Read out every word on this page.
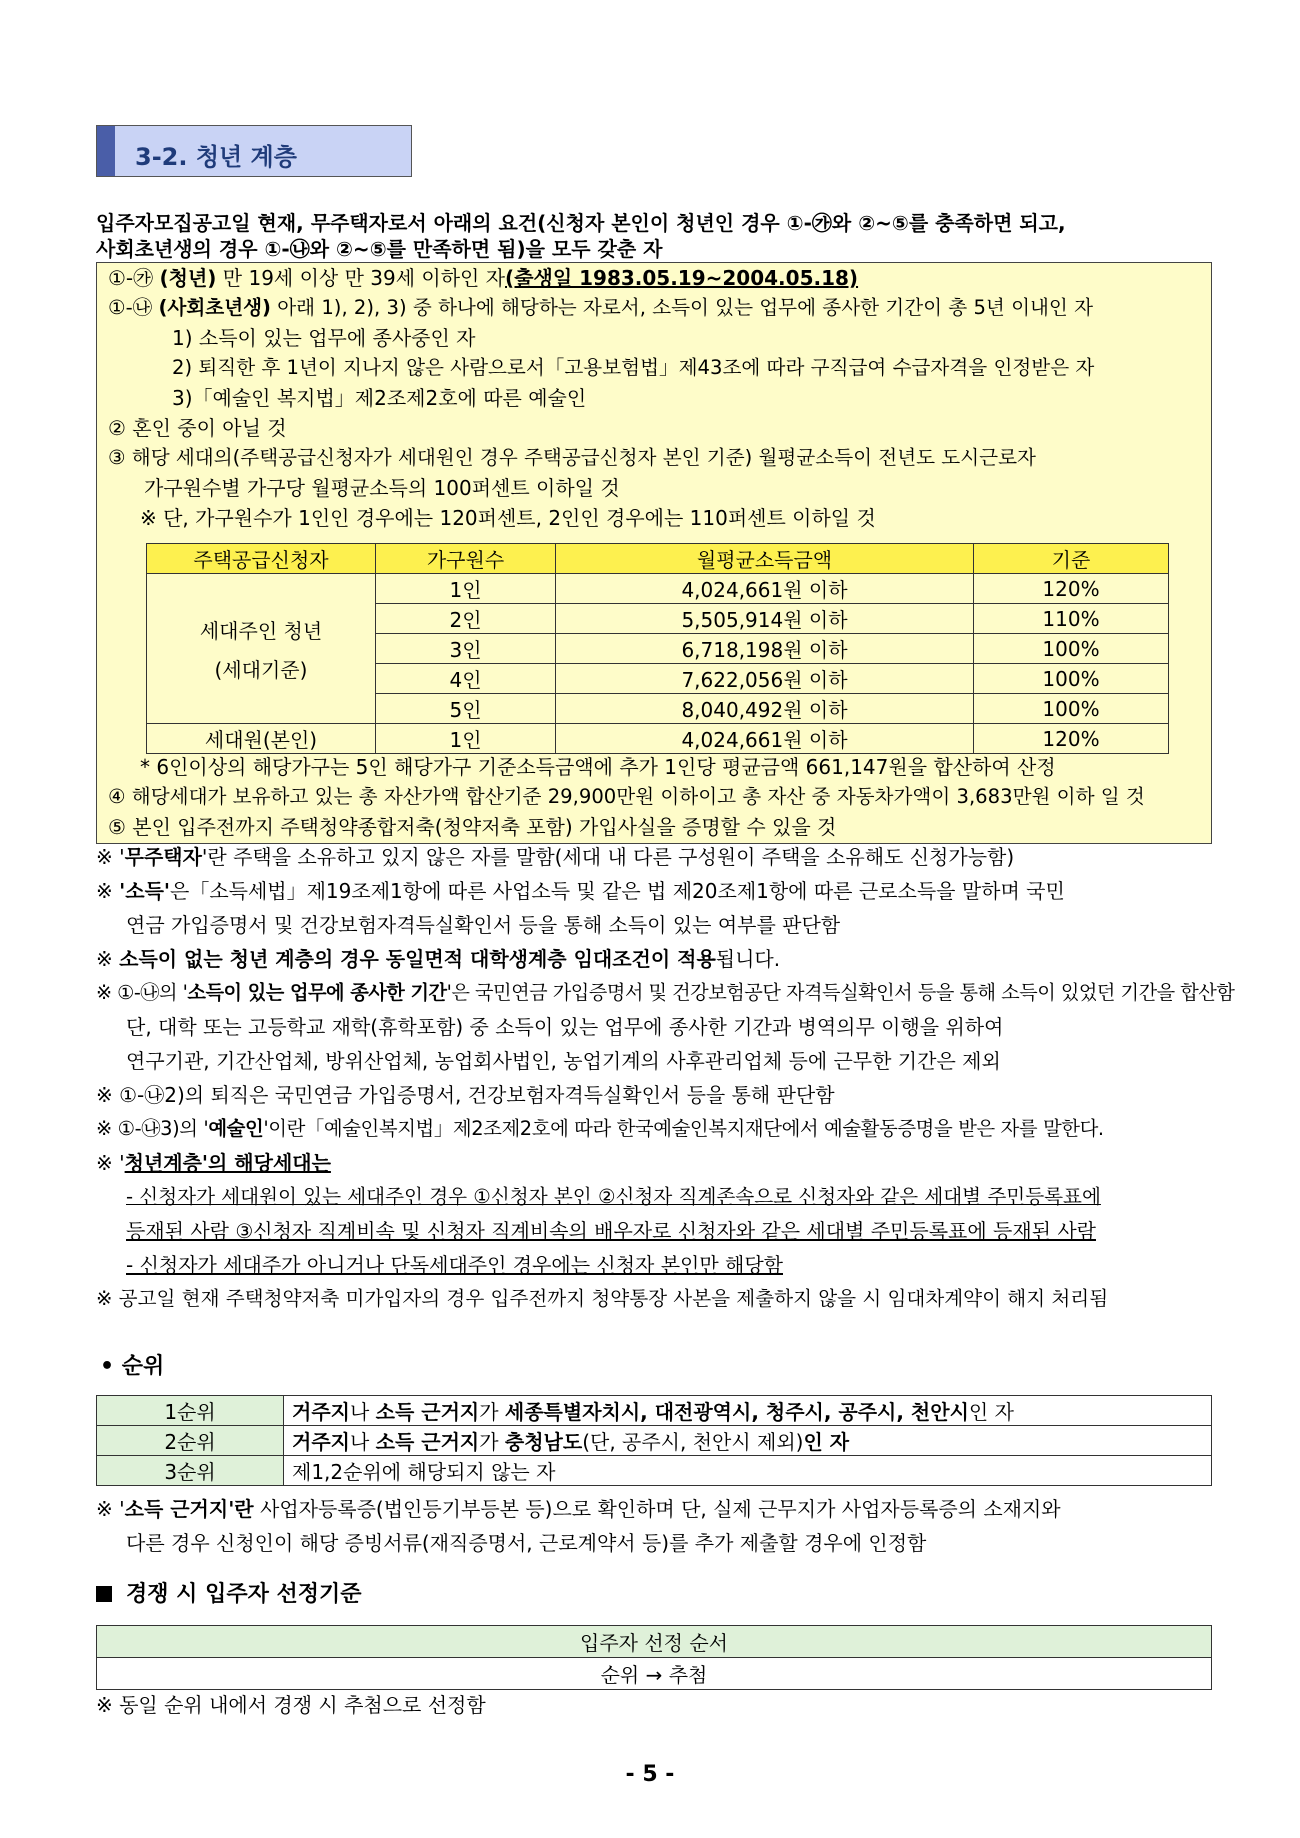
3-2. 청년 계층
입주자모집공고일 현재, 무주택자로서 아래의 요건(신청자 본인이 청년인 경우 ①-㉮와 ②~⑤를 충족하면 되고,
사회초년생의 경우 ①-㉯와 ②~⑤를 만족하면 됨)을 모두 갖춘 자
①-㉮ (청년) 만 19세 이상 만 39세 이하인 자(출생일 1983.05.19~2004.05.18)
①-㉯ (사회초년생) 아래 1), 2), 3) 중 하나에 해당하는 자로서, 소득이 있는 업무에 종사한 기간이 총 5년 이내인 자
1) 소득이 있는 업무에 종사중인 자
2) 퇴직한 후 1년이 지나지 않은 사람으로서「고용보험법」제43조에 따라 구직급여 수급자격을 인정받은 자
3)「예술인 복지법」제2조제2호에 따른 예술인
② 혼인 중이 아닐 것
③ 해당 세대의(주택공급신청자가 세대원인 경우 주택공급신청자 본인 기준) 월평균소득이 전년도 도시근로자
가구원수별 가구당 월평균소득의 100퍼센트 이하일 것
※ 단, 가구원수가 1인인 경우에는 120퍼센트, 2인인 경우에는 110퍼센트 이하일 것
주택공급신청자	가구원수	월평균소득금액	기준

세대주인 청년
(세대기준)	1인	4,024,661원 이하	120%
	2인	5,505,914원 이하	110%
	3인	6,718,198원 이하	100%
	4인	7,622,056원 이하	100%
	5인	8,040,492원 이하	100%
세대원(본인)	1인	4,024,661원 이하	120%
* 6인이상의 해당가구는 5인 해당가구 기준소득금액에 추가 1인당 평균금액 661,147원을 합산하여 산정
④ 해당세대가 보유하고 있는 총 자산가액 합산기준 29,900만원 이하이고 총 자산 중 자동차가액이 3,683만원 이하 일 것
⑤ 본인 입주전까지 주택청약종합저축(청약저축 포함) 가입사실을 증명할 수 있을 것
※ '무주택자'란 주택을 소유하고 있지 않은 자를 말함(세대 내 다른 구성원이 주택을 소유해도 신청가능함)
※ '소득'은「소득세법」제19조제1항에 따른 사업소득 및 같은 법 제20조제1항에 따른 근로소득을 말하며 국민
연금 가입증명서 및 건강보험자격득실확인서 등을 통해 소득이 있는 여부를 판단함
※ 소득이 없는 청년 계층의 경우 동일면적 대학생계층 임대조건이 적용됩니다.
※ ①-㉯의 '소득이 있는 업무에 종사한 기간'은 국민연금 가입증명서 및 건강보험공단 자격득실확인서 등을 통해 소득이 있었던 기간을 합산함
단, 대학 또는 고등학교 재학(휴학포함) 중 소득이 있는 업무에 종사한 기간과 병역의무 이행을 위하여
연구기관, 기간산업체, 방위산업체, 농업회사법인, 농업기계의 사후관리업체 등에 근무한 기간은 제외
※ ①-㉯2)의 퇴직은 국민연금 가입증명서, 건강보험자격득실확인서 등을 통해 판단함
※ ①-㉯3)의 '예술인'이란「예술인복지법」제2조제2호에 따라 한국예술인복지재단에서 예술활동증명을 받은 자를 말한다.
※ '청년계층'의 해당세대는
- 신청자가 세대원이 있는 세대주인 경우 ①신청자 본인 ②신청자 직계존속으로 신청자와 같은 세대별 주민등록표에
등재된 사람 ③신청자 직계비속 및 신청자 직계비속의 배우자로 신청자와 같은 세대별 주민등록표에 등재된 사람
- 신청자가 세대주가 아니거나 단독세대주인 경우에는 신청자 본인만 해당함
※ 공고일 현재 주택청약저축 미가입자의 경우 입주전까지 청약통장 사본을 제출하지 않을 시 임대차계약이 해지 처리됨
• 순위
1순위	거주지나 소득 근거지가 세종특별자치시, 대전광역시, 청주시, 공주시, 천안시인 자
2순위	거주지나 소득 근거지가 충청남도(단, 공주시, 천안시 제외)인 자
3순위	제1,2순위에 해당되지 않는 자
※ '소득 근거지'란 사업자등록증(법인등기부등본 등)으로 확인하며 단, 실제 근무지가 사업자등록증의 소재지와
다른 경우 신청인이 해당 증빙서류(재직증명서, 근로계약서 등)를 추가 제출할 경우에 인정함
경쟁 시 입주자 선정기준
입주자 선정 순서
순위 → 추첨
※ 동일 순위 내에서 경쟁 시 추첨으로 선정함
- 5 -
